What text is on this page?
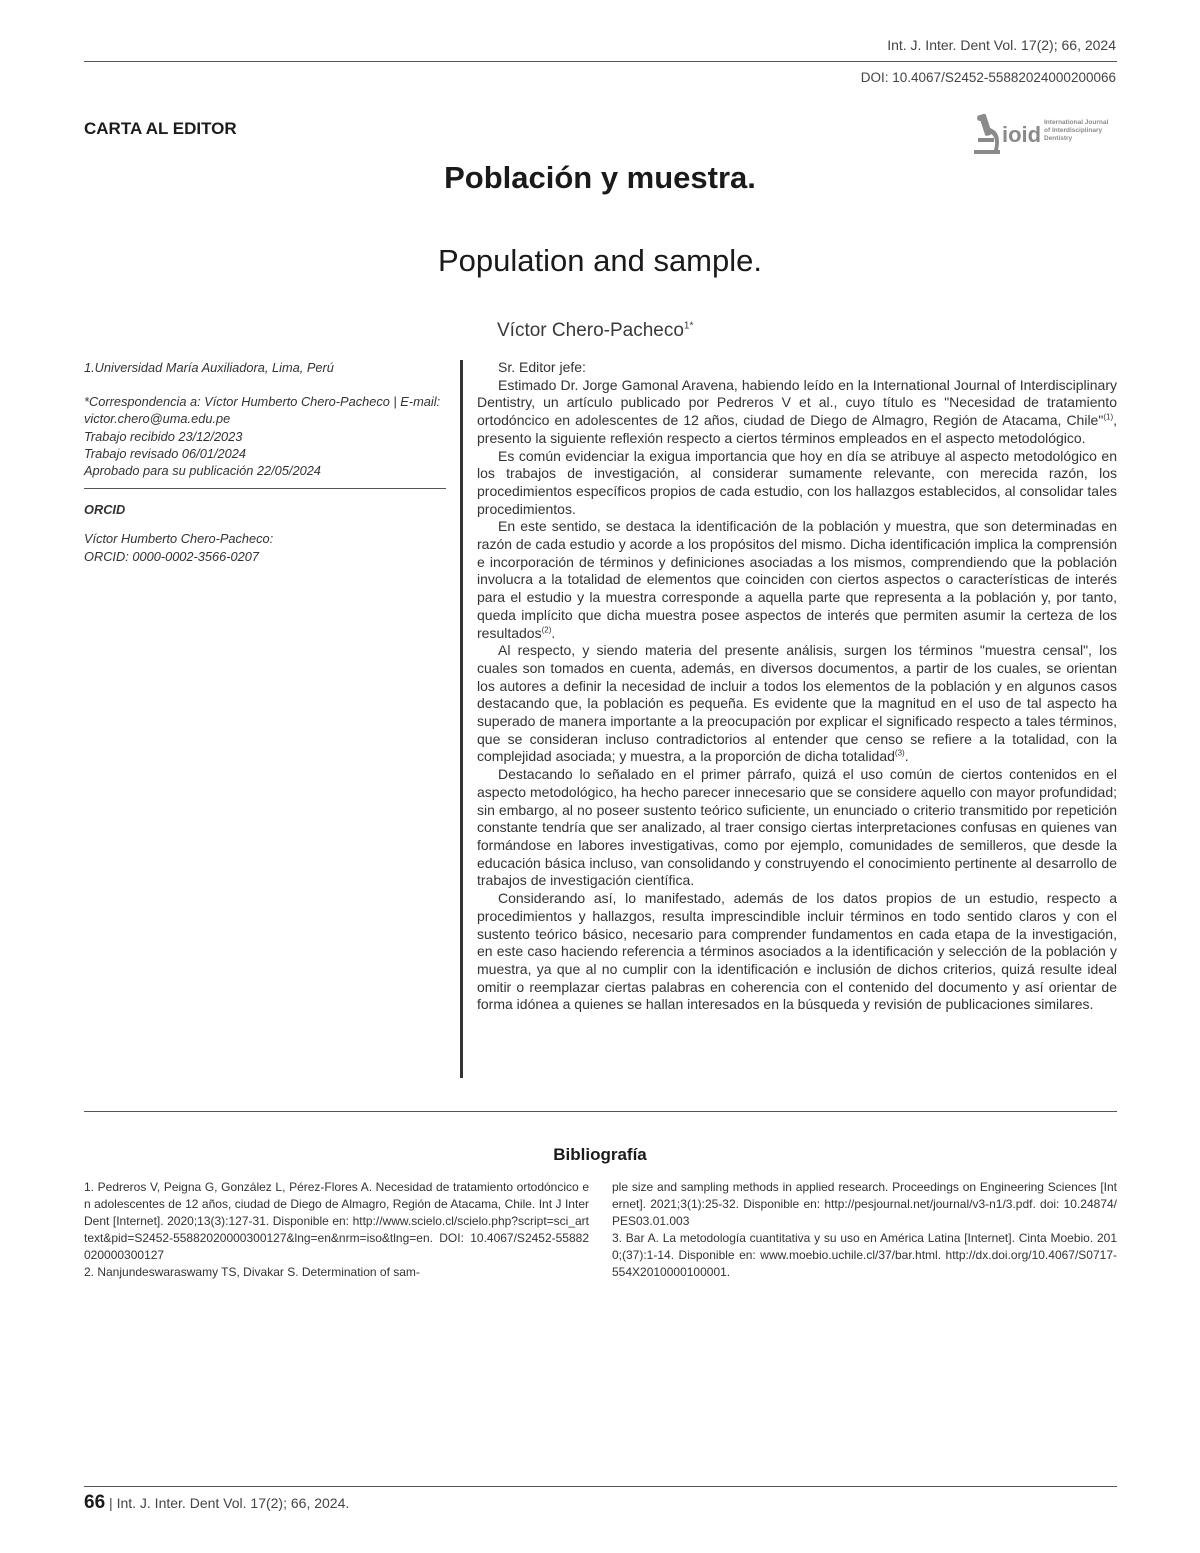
Int. J. Inter. Dent Vol. 17(2); 66, 2024
DOI: 10.4067/S2452-55882024000200066
CARTA AL EDITOR	ioid International Journal
of Interdisciplinary
Dentistry
Población y muestra.
Population and sample.
Víctor Chero-Pacheco$^{1*}$

1.Universidad María Auxiliadora, Lima, Perú

*Correspondencia a: Víctor Humberto Chero-Pacheco | E-mail: victor.chero@uma.edu.pe

Trabajo recibido 23/12/2023

Trabajo revisado 06/01/2024

Aprobado para su publicación 22/05/2024

ORCID

Víctor Humberto Chero-Pacheco:

ORCID: 0000-0002-3566-0207

Sr. Editor jefe:

Estimado Dr. Jorge Gamonal Aravena, habiendo leído en la International Journal of Interdisciplinary Dentistry, un artículo publicado por Pedreros V et al., cuyo título es "Necesidad de tratamiento ortodóncico en adolescentes de 12 años, ciudad de Diego de Almagro, Región de Atacama, Chile"$^{(1)}$, presento la siguiente reflexión respecto a ciertos términos empleados en el aspecto metodológico.

Es común evidenciar la exigua importancia que hoy en día se atribuye al aspecto metodológico en los trabajos de investigación, al considerar sumamente relevante, con merecida razón, los procedimientos específicos propios de cada estudio, con los hallazgos establecidos, al consolidar tales procedimientos.

En este sentido, se destaca la identificación de la población y muestra, que son determinadas en razón de cada estudio y acorde a los propósitos del mismo. Dicha identificación implica la comprensión e incorporación de términos y definiciones asociadas a los mismos, comprendiendo que la población involucra a la totalidad de elementos que coinciden con ciertos aspectos o características de interés para el estudio y la muestra corresponde a aquella parte que representa a la población y, por tanto, queda implícito que dicha muestra posee aspectos de interés que permiten asumir la certeza de los resultados$^{(2)}$.

Al respecto, y siendo materia del presente análisis, surgen los términos "muestra censal", los cuales son tomados en cuenta, además, en diversos documentos, a partir de los cuales, se orientan los autores a definir la necesidad de incluir a todos los elementos de la población y en algunos casos destacando que, la población es pequeña. Es evidente que la magnitud en el uso de tal aspecto ha superado de manera importante a la preocupación por explicar el significado respecto a tales términos, que se consideran incluso contradictorios al entender que censo se refiere a la totalidad, con la complejidad asociada; y muestra, a la proporción de dicha totalidad$^{(3)}$.

Destacando lo señalado en el primer párrafo, quizá el uso común de ciertos contenidos en el aspecto metodológico, ha hecho parecer innecesario que se considere aquello con mayor profundidad; sin embargo, al no poseer sustento teórico suficiente, un enunciado o criterio transmitido por repetición constante tendría que ser analizado, al traer consigo ciertas interpretaciones confusas en quienes van formándose en labores investigativas, como por ejemplo, comunidades de semilleros, que desde la educación básica incluso, van consolidando y construyendo el conocimiento pertinente al desarrollo de trabajos de investigación científica.

Considerando así, lo manifestado, además de los datos propios de un estudio, respecto a procedimientos y hallazgos, resulta imprescindible incluir términos en todo sentido claros y con el sustento teórico básico, necesario para comprender fundamentos en cada etapa de la investigación, en este caso haciendo referencia a términos asociados a la identificación y selección de la población y muestra, ya que al no cumplir con la identificación e inclusión de dichos criterios, quizá resulte ideal omitir o reemplazar ciertas palabras en coherencia con el contenido del documento y así orientar de forma idónea a quienes se hallan interesados en la búsqueda y revisión de publicaciones similares.

Bibliografía

1. Pedreros V, Peigna G, González L, Pérez-Flores A. Necesidad de tratamiento ortodóncico en adolescentes de 12 años, ciudad de Diego de Almagro, Región de Atacama, Chile. Int J Inter Dent [Internet]. 2020;13(3):127-31. Disponible en: http://www.scielo.cl/scielo.php?script=sci_arttext&pid=S2452-55882020000300127&lng=en&nrm=iso&tlng=en. DOI: 10.4067/S2452-55882020000300127

2. Nanjundeswaraswamy TS, Divakar S. Determination of sam-

ple size and sampling methods in applied research. Proceedings on Engineering Sciences [Internet]. 2021;3(1):25-32. Disponible en: http://pesjournal.net/journal/v3-n1/3.pdf. doi: 10.24874/PES03.01.003

3. Bar A. La metodología cuantitativa y su uso en América Latina [Internet]. Cinta Moebio. 2010;(37):1-14. Disponible en: www.moebio.uchile.cl/37/bar.html. http://dx.doi.org/10.4067/S0717-554X2010000100001.

66 | Int. J. Inter. Dent Vol. 17(2); 66, 2024.
